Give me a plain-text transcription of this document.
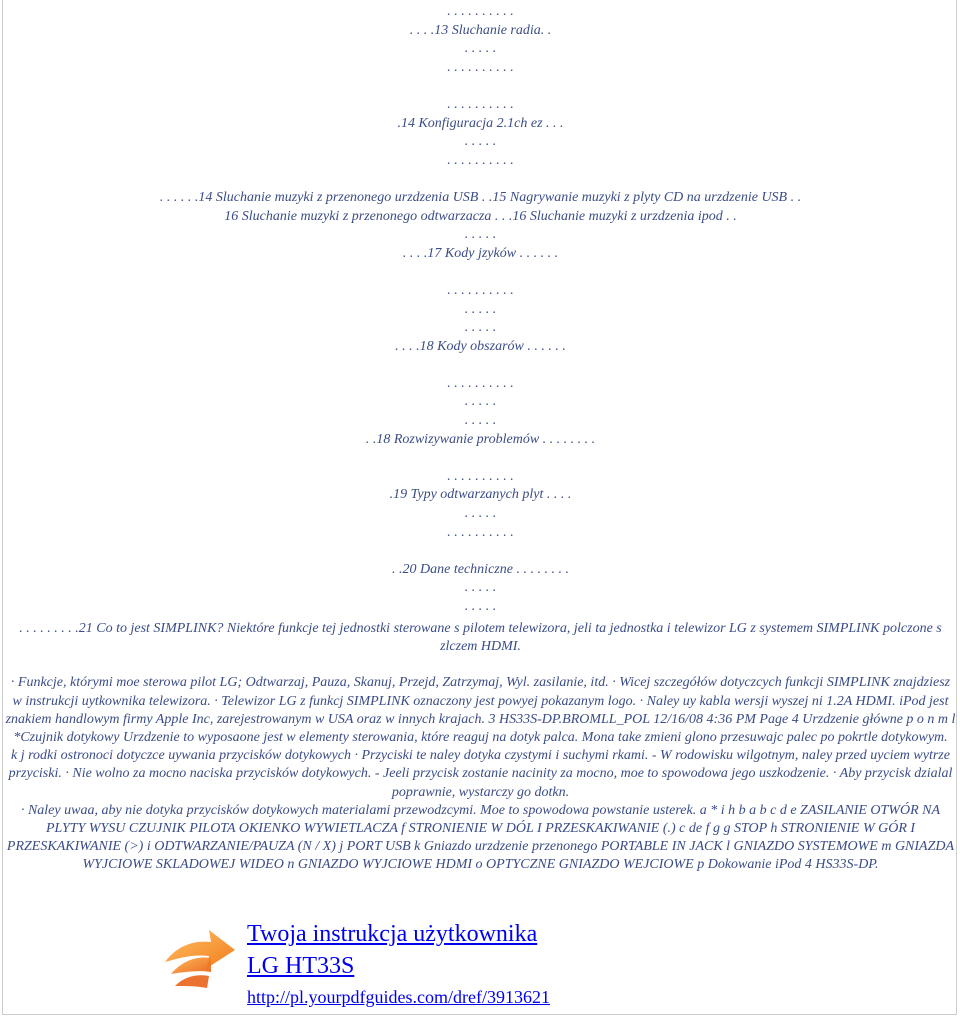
. . . . . . . . . .
. . . .13 Sluchanie radia. .
. . . . .
. . . . . . . . . .
. . . . . . . . . .
.14 Konfiguracja 2.1ch ez . . .
. . . . .
. . . . . . . . . .
. . . . . .14 Sluchanie muzyki z przenonego urzdzenia USB . .15 Nagrywanie muzyki z plyty CD na urzdzenie USB . .
16 Sluchanie muzyki z przenonego odtwarzacza . . .16 Sluchanie muzyki z urzdzenia ipod . .
. . . . .
. . . .17 Kody jzyków . . . . . .
. . . . . . . . . .
. . . . .
. . . . .
. . . .18 Kody obszarów . . . . . .
. . . . . . . . . .
. . . . .
. . . . .
. .18 Rozwizywanie problemów . . . . . . . .
. . . . . . . . . .
.19 Typy odtwarzanych plyt . . . .
. . . . .
. . . . . . . . . .
. .20 Dane techniczne . . . . . . . .
. . . . .
. . . . .

. . . . . . . . .21 Co to jest SIMPLINK? Niektóre funkcje tej jednostki sterowane s pilotem telewizora, jeli ta jednostka i telewizor LG z systemem SIMPLINK polczone s zlczem HDMI.

· Funkcje, którymi moe sterowa pilot LG; Odtwarzaj, Pauza, Skanuj, Przejd, Zatrzymaj, Wyl. zasilanie, itd. · Wicej szczegółów dotyczcych funkcji SIMPLINK znajdziesz w instrukcji uytkownika telewizora. · Telewizor LG z funkcj SIMPLINK oznaczony jest powyej pokazanym logo. · Naley uy kabla wersji wyszej ni 1.2A HDMI. iPod jest znakiem handlowym firmy Apple Inc, zarejestrowanym w USA oraz w innych krajach. 3 HS33S-DP.BROMLL_POL 12/16/08 4:36 PM Page 4 Urzdzenie główne p o n m l *Czujnik dotykowy Urzdzenie to wyposaone jest w elementy sterowania, które reaguj na dotyk palca. Mona take zmieni glono przesuwajc palec po pokrtle dotykowym.

k j rodki ostronoci dotyczce uywania przycisków dotykowych · Przyciski te naley dotyka czystymi i suchymi rkami. - W rodowisku wilgotnym, naley przed uyciem wytrze przyciski. · Nie wolno za mocno naciska przycisków dotykowych. - Jeeli przycisk zostanie nacinity za mocno, moe to spowodowa jego uszkodzenie. · Aby przycisk dzialal poprawnie, wystarczy go dotkn.

· Naley uwaa, aby nie dotyka przycisków dotykowych materialami przewodzcymi. Moe to spowodowa powstanie usterek. a * i h b a b c d e ZASILANIE OTWÓR NA PLYTY WYSU CZUJNIK PILOTA OKIENKO WYWIETLACZA f STRONIENIE W DÓL I PRZESKAKIWANIE (.) c de f g g STOP h STRONIENIE W GÓR I PRZESKAKIWANIE (>) i ODTWARZANIE/PAUZA (N / X) j PORT USB k Gniazdo urzdzenie przenonego PORTABLE IN JACK l GNIAZDO SYSTEMOWE m GNIAZDA WYJCIOWE SKLADOWEJ WIDEO n GNIAZDO WYJCIOWE HDMI o OPTYCZNE GNIAZDO WEJCIOWE p Dokowanie iPod 4 HS33S-DP.

Twoja instrukcja użytkownika
LG HT33S
http://pl.yourpdfguides.com/dref/3913621
